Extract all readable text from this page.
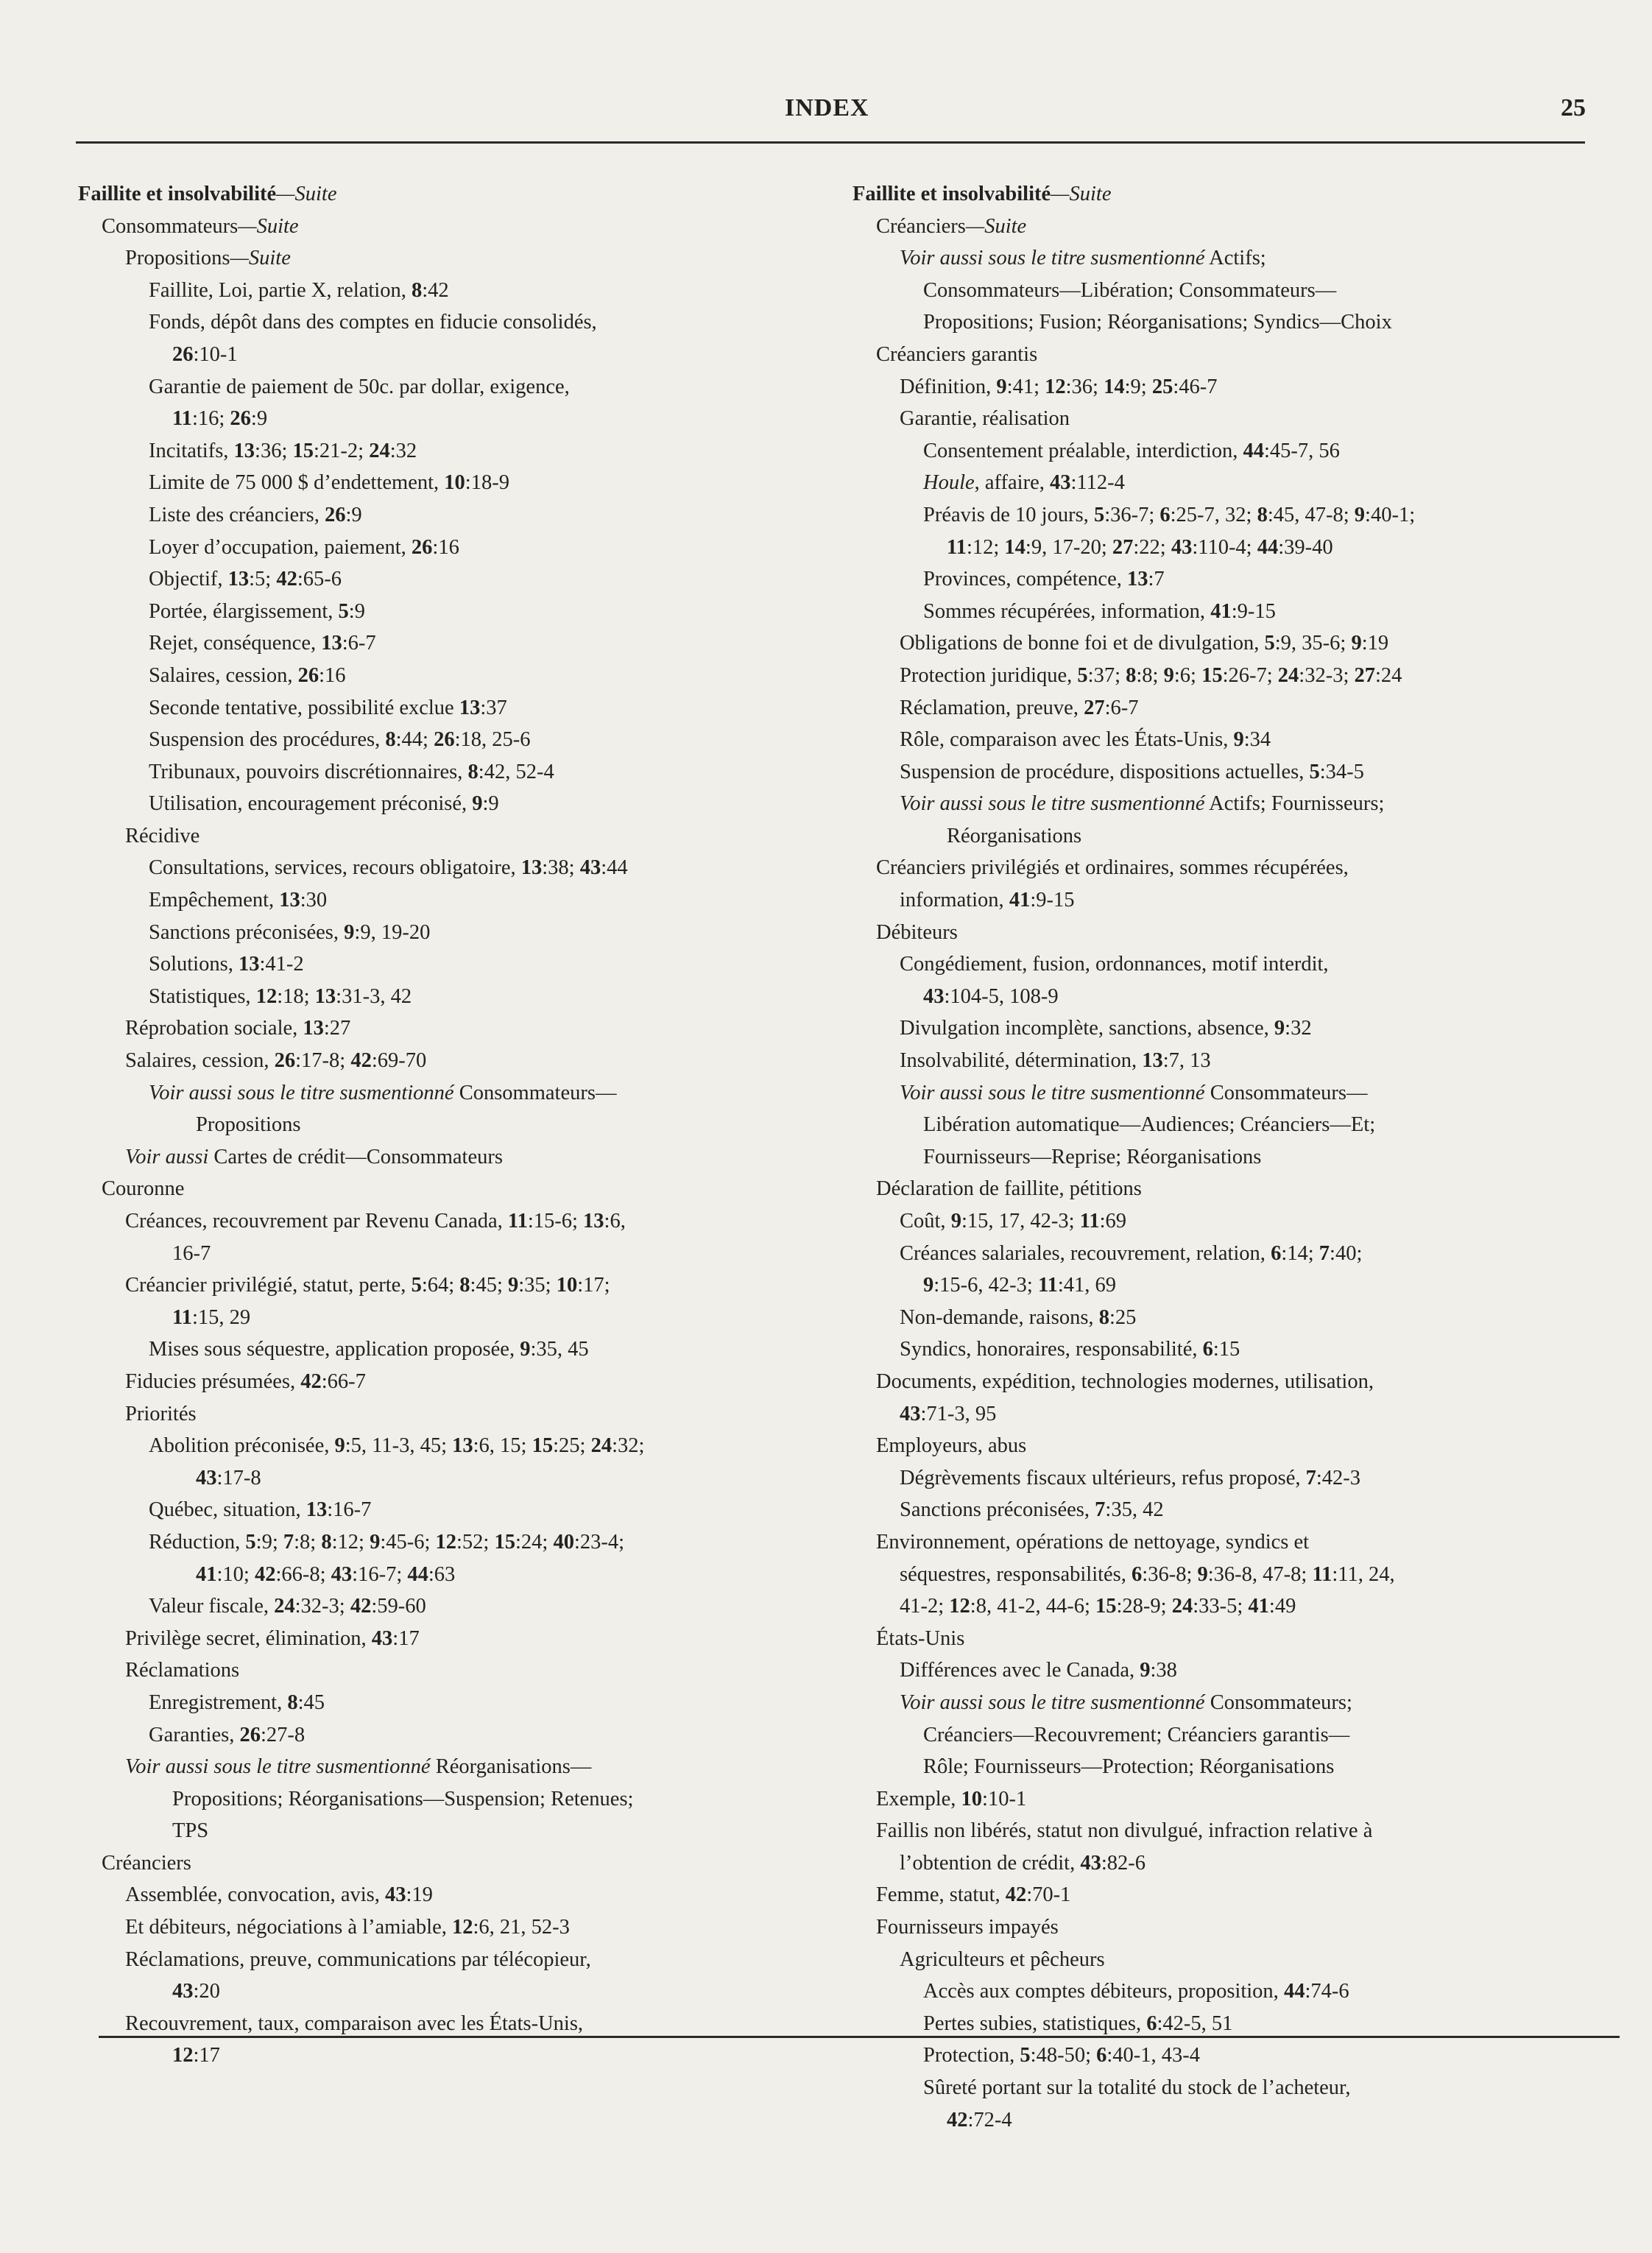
INDEX	25
Faillite et insolvabilité—Suite
Consommateurs—Suite
Propositions—Suite
Faillite, Loi, partie X, relation, 8:42
Fonds, dépôt dans des comptes en fiducie consolidés,
26:10-1
Garantie de paiement de 50c. par dollar, exigence,
11:16; 26:9
Incitatifs, 13:36; 15:21-2; 24:32
Limite de 75 000 $ d’endettement, 10:18-9
Liste des créanciers, 26:9
Loyer d’occupation, paiement, 26:16
Objectif, 13:5; 42:65-6
Portée, élargissement, 5:9
Rejet, conséquence, 13:6-7
Salaires, cession, 26:16
Seconde tentative, possibilité exclue 13:37
Suspension des procédures, 8:44; 26:18, 25-6
Tribunaux, pouvoirs discrétionnaires, 8:42, 52-4
Utilisation, encouragement préconisé, 9:9
Récidive
Consultations, services, recours obligatoire, 13:38; 43:44
Empêchement, 13:30
Sanctions préconisées, 9:9, 19-20
Solutions, 13:41-2
Statistiques, 12:18; 13:31-3, 42
Réprobation sociale, 13:27
Salaires, cession, 26:17-8; 42:69-70
Voir aussi sous le titre susmentionné Consommateurs—
Propositions
Voir aussi Cartes de crédit—Consommateurs
Couronne
Créances, recouvrement par Revenu Canada, 11:15-6; 13:6,
16-7
Créancier privilégié, statut, perte, 5:64; 8:45; 9:35; 10:17;
11:15, 29
Mises sous séquestre, application proposée, 9:35, 45
Fiducies présumées, 42:66-7
Priorités
Abolition préconisée, 9:5, 11-3, 45; 13:6, 15; 15:25; 24:32;
43:17-8
Québec, situation, 13:16-7
Réduction, 5:9; 7:8; 8:12; 9:45-6; 12:52; 15:24; 40:23-4;
41:10; 42:66-8; 43:16-7; 44:63
Valeur fiscale, 24:32-3; 42:59-60
Privilège secret, élimination, 43:17
Réclamations
Enregistrement, 8:45
Garanties, 26:27-8
Voir aussi sous le titre susmentionné Réorganisations—
Propositions; Réorganisations—Suspension; Retenues;
TPS
Créanciers
Assemblée, convocation, avis, 43:19
Et débiteurs, négociations à l’amiable, 12:6, 21, 52-3
Réclamations, preuve, communications par télécopieur,
43:20
Recouvrement, taux, comparaison avec les États-Unis,
12:17
Faillite et insolvabilité—Suite
Créanciers—Suite
Voir aussi sous le titre susmentionné Actifs;
Consommateurs—Libération; Consommateurs—
Propositions; Fusion; Réorganisations; Syndics—Choix
Créanciers garantis
Définition, 9:41; 12:36; 14:9; 25:46-7
Garantie, réalisation
Consentement préalable, interdiction, 44:45-7, 56
Houle, affaire, 43:112-4
Préavis de 10 jours, 5:36-7; 6:25-7, 32; 8:45, 47-8; 9:40-1;
11:12; 14:9, 17-20; 27:22; 43:110-4; 44:39-40
Provinces, compétence, 13:7
Sommes récupérées, information, 41:9-15
Obligations de bonne foi et de divulgation, 5:9, 35-6; 9:19
Protection juridique, 5:37; 8:8; 9:6; 15:26-7; 24:32-3; 27:24
Réclamation, preuve, 27:6-7
Rôle, comparaison avec les États-Unis, 9:34
Suspension de procédure, dispositions actuelles, 5:34-5
Voir aussi sous le titre susmentionné Actifs; Fournisseurs;
Réorganisations
Créanciers privilégiés et ordinaires, sommes récupérées,
information, 41:9-15
Débiteurs
Congédiement, fusion, ordonnances, motif interdit,
43:104-5, 108-9
Divulgation incomplète, sanctions, absence, 9:32
Insolvabilité, détermination, 13:7, 13
Voir aussi sous le titre susmentionné Consommateurs—
Libération automatique—Audiences; Créanciers—Et;
Fournisseurs—Reprise; Réorganisations
Déclaration de faillite, pétitions
Coût, 9:15, 17, 42-3; 11:69
Créances salariales, recouvrement, relation, 6:14; 7:40;
9:15-6, 42-3; 11:41, 69
Non-demande, raisons, 8:25
Syndics, honoraires, responsabilité, 6:15
Documents, expédition, technologies modernes, utilisation,
43:71-3, 95
Employeurs, abus
Dégrèvements fiscaux ultérieurs, refus proposé, 7:42-3
Sanctions préconisées, 7:35, 42
Environnement, opérations de nettoyage, syndics et
séquestres, responsabilités, 6:36-8; 9:36-8, 47-8; 11:11, 24,
41-2; 12:8, 41-2, 44-6; 15:28-9; 24:33-5; 41:49
États-Unis
Différences avec le Canada, 9:38
Voir aussi sous le titre susmentionné Consommateurs;
Créanciers—Recouvrement; Créanciers garantis—
Rôle; Fournisseurs—Protection; Réorganisations
Exemple, 10:10-1
Faillis non libérés, statut non divulgué, infraction relative à
l’obtention de crédit, 43:82-6
Femme, statut, 42:70-1
Fournisseurs impayés
Agriculteurs et pêcheurs
Accès aux comptes débiteurs, proposition, 44:74-6
Pertes subies, statistiques, 6:42-5, 51
Protection, 5:48-50; 6:40-1, 43-4
Sûreté portant sur la totalité du stock de l’acheteur,
42:72-4
